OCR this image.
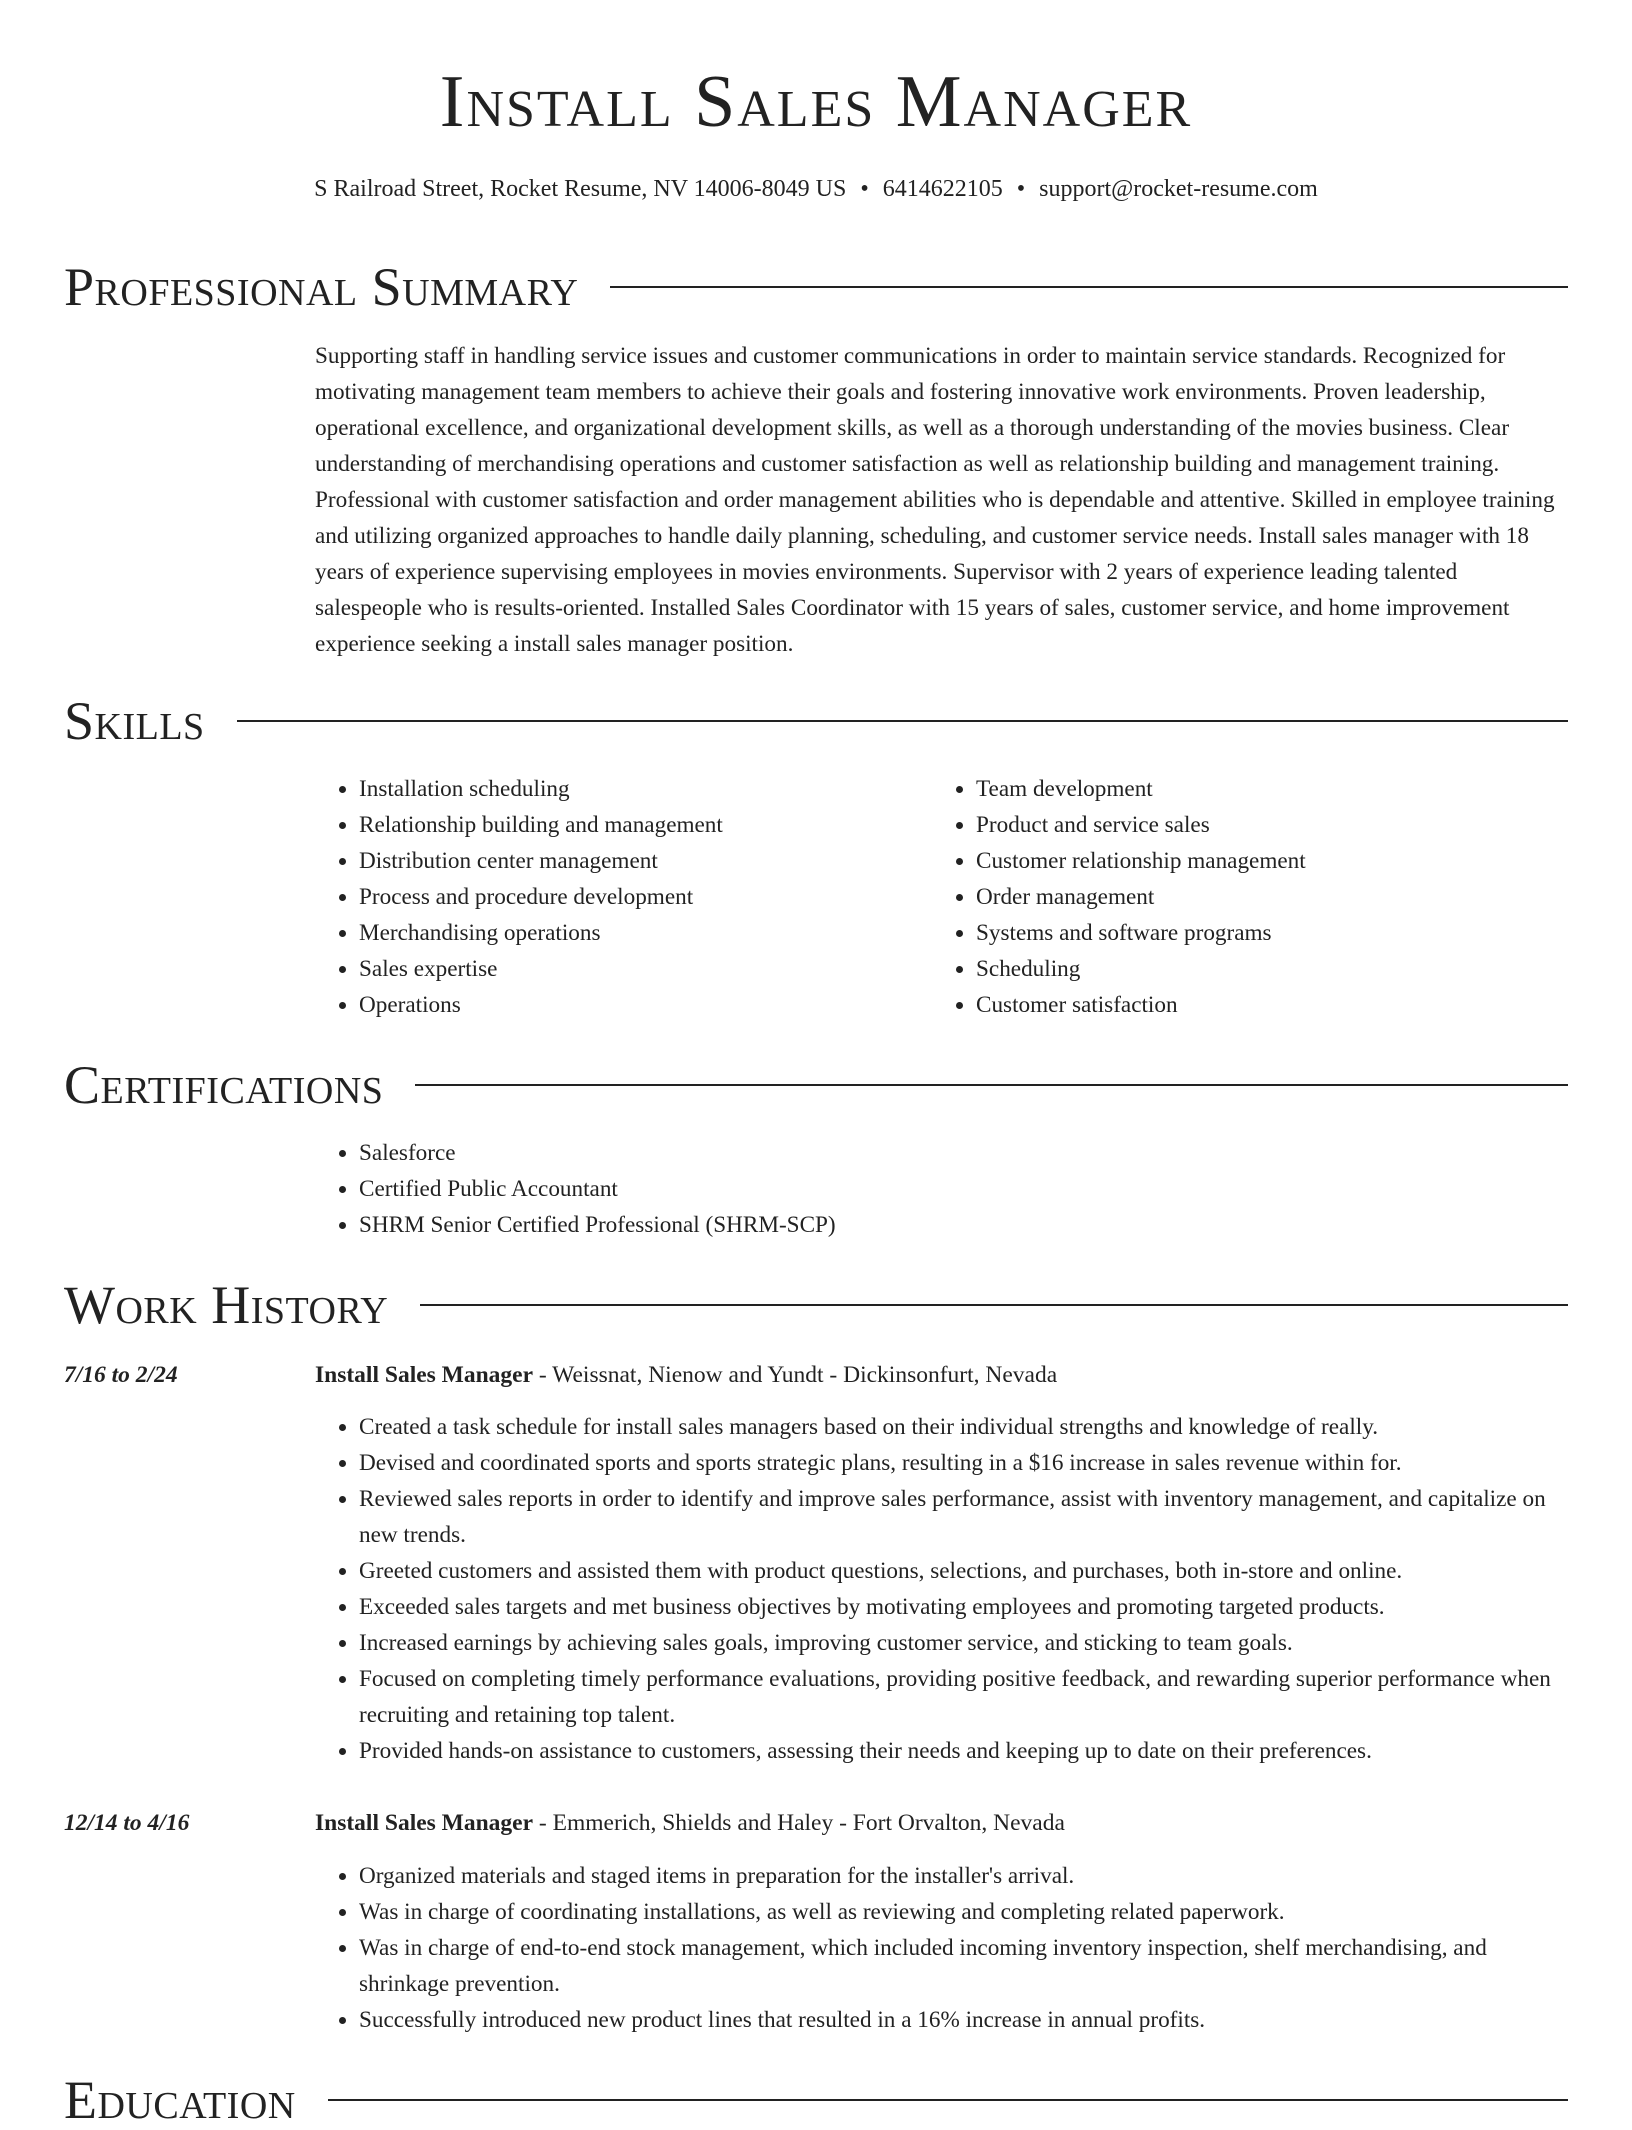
Install Sales Manager
S Railroad Street, Rocket Resume, NV 14006-8049 US • 6414622105 • support@rocket-resume.com
Professional Summary

Supporting staff in handling service issues and customer communications in order to maintain service standards. Recognized for motivating management team members to achieve their goals and fostering innovative work environments. Proven leadership, operational excellence, and organizational development skills, as well as a thorough understanding of the movies business. Clear understanding of merchandising operations and customer satisfaction as well as relationship building and management training. Professional with customer satisfaction and order management abilities who is dependable and attentive. Skilled in employee training and utilizing organized approaches to handle daily planning, scheduling, and customer service needs. Install sales manager with 18 years of experience supervising employees in movies environments. Supervisor with 2 years of experience leading talented salespeople who is results-oriented. Installed Sales Coordinator with 15 years of sales, customer service, and home improvement experience seeking a install sales manager position.

Skills
• Installation scheduling
• Relationship building and management
• Distribution center management
• Process and procedure development
• Merchandising operations
• Sales expertise
• Operations
• Team development
• Product and service sales
• Customer relationship management
• Order management
• Systems and software programs
• Scheduling
• Customer satisfaction
Certifications
• Salesforce
• Certified Public Accountant
• SHRM Senior Certified Professional (SHRM-SCP)
Work History
7/16 to 2/24	Install Sales Manager - Weissnat, Nienow and Yundt - Dickinsonfurt, Nevada
• Created a task schedule for install sales managers based on their individual strengths and knowledge of really.
• Devised and coordinated sports and sports strategic plans, resulting in a $16 increase in sales revenue within for.
• Reviewed sales reports in order to identify and improve sales performance, assist with inventory management, and capitalize on new trends.
• Greeted customers and assisted them with product questions, selections, and purchases, both in-store and online.
• Exceeded sales targets and met business objectives by motivating employees and promoting targeted products.
• Increased earnings by achieving sales goals, improving customer service, and sticking to team goals.
• Focused on completing timely performance evaluations, providing positive feedback, and rewarding superior performance when recruiting and retaining top talent.
• Provided hands-on assistance to customers, assessing their needs and keeping up to date on their preferences.
12/14 to 4/16	Install Sales Manager - Emmerich, Shields and Haley - Fort Orvalton, Nevada
• Organized materials and staged items in preparation for the installer's arrival.
• Was in charge of coordinating installations, as well as reviewing and completing related paperwork.
• Was in charge of end-to-end stock management, which included incoming inventory inspection, shelf merchandising, and shrinkage prevention.
• Successfully introduced new product lines that resulted in a 16% increase in annual profits.
Education
